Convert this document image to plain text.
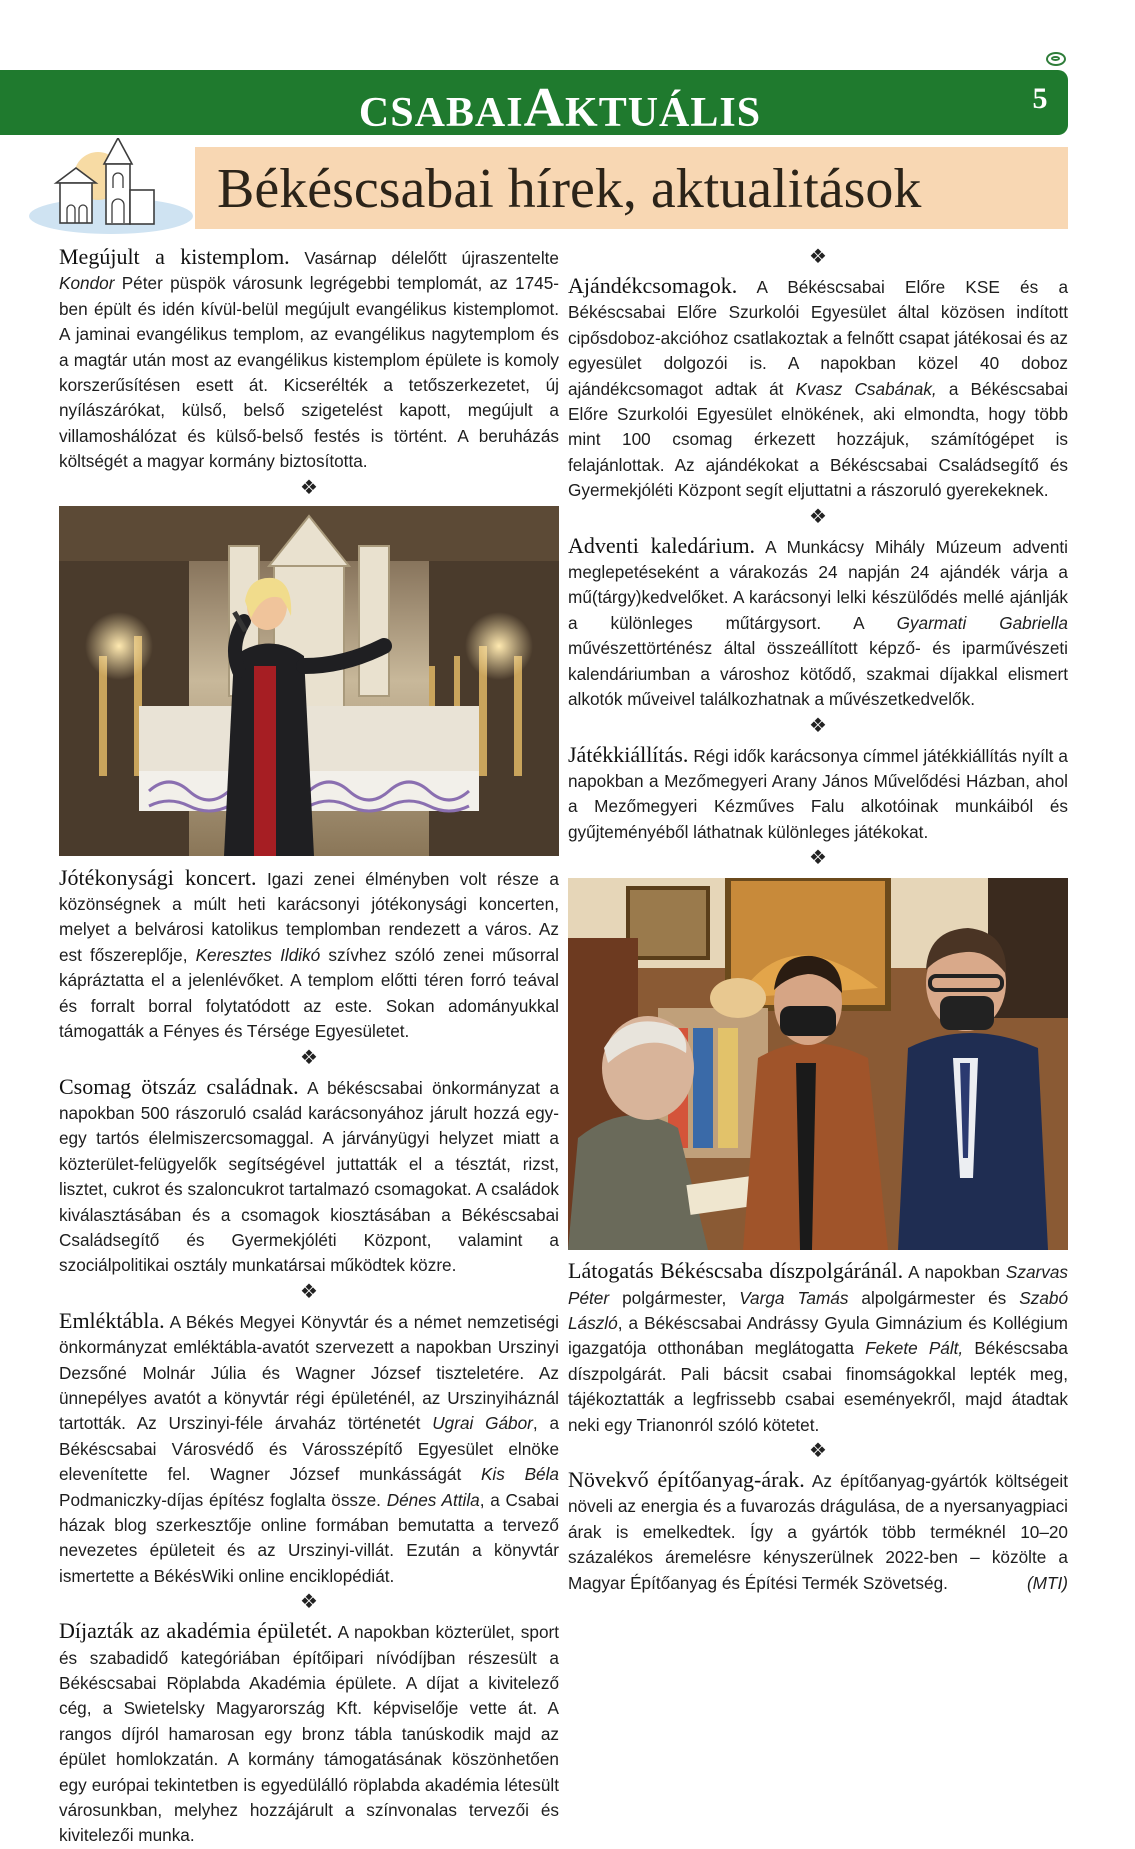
CSABAIAKTUÁLIS	5
Békéscsabai hírek, aktualitások

Megújult a kistemplom. Vasárnap délelőtt újraszentelte Kondor Péter püspök városunk legrégebbi templomát, az 1745-ben épült és idén kívül-belül megújult evangélikus kistemplomot. A jaminai evangélikus templom, az evangélikus nagytemplom és a magtár után most az evangélikus kistemplom épülete is komoly korszerűsítésen esett át. Kicserélték a tetőszerkezetet, új nyílászárókat, külső, belső szigetelést kapott, megújult a villamoshálózat és külső-belső festés is történt. A beruházás költségét a magyar kormány biztosította.

❖

Jótékonysági koncert. Igazi zenei élményben volt része a közönségnek a múlt heti karácsonyi jótékonysági koncerten, melyet a belvárosi katolikus templomban rendezett a város. Az est főszereplője, Keresztes Ildikó szívhez szóló zenei műsorral kápráztatta el a jelenlévőket. A templom előtti téren forró teával és forralt borral folytatódott az este. Sokan adományukkal támogatták a Fényes és Térsége Egyesületet.

❖

Csomag ötszáz családnak. A békéscsabai önkormányzat a napokban 500 rászoruló család karácsonyához járult hozzá egy-egy tartós élelmiszercsomaggal. A járványügyi helyzet miatt a közterület-felügyelők segítségével juttatták el a tésztát, rizst, lisztet, cukrot és szaloncukrot tartalmazó csomagokat. A családok kiválasztásában és a csomagok kiosztásában a Békéscsabai Családsegítő és Gyermekjóléti Központ, valamint a szociálpolitikai osztály munkatársai működtek közre.

❖

Emléktábla. A Békés Megyei Könyvtár és a német nemzetiségi önkormányzat emléktábla-avatót szervezett a napokban Urszinyi Dezsőné Molnár Júlia és Wagner József tiszteletére. Az ünnepélyes avatót a könyvtár régi épületénél, az Urszinyiháznál tartották. Az Urszinyi-féle árvaház történetét Ugrai Gábor, a Békéscsabai Városvédő és Városszépítő Egyesület elnöke elevenítette fel. Wagner József munkásságát Kis Béla Podmaniczky-díjas építész foglalta össze. Dénes Attila, a Csabai házak blog szerkesztője online formában bemutatta a tervező nevezetes épületeit és az Urszinyi-villát. Ezután a könyvtár ismertette a BékésWiki online enciklopédiát.

❖

Díjazták az akadémia épületét. A napokban közterület, sport és szabadidő kategóriában építőipari nívódíjban részesült a Békéscsabai Röplabda Akadémia épülete. A díjat a kivitelező cég, a Swietelsky Magyarország Kft. képviselője vette át. A rangos díjról hamarosan egy bronz tábla tanúskodik majd az épület homlokzatán. A kormány támogatásának köszönhetően egy európai tekintetben is egyedülálló röplabda akadémia létesült városunkban, melyhez hozzájárult a színvonalas tervezői és kivitelezői munka.

❖

Ajándékcsomagok. A Békéscsabai Előre KSE és a Békéscsabai Előre Szurkolói Egyesület által közösen indított cipősdoboz-akcióhoz csatlakoztak a felnőtt csapat játékosai és az egyesület dolgozói is. A napokban közel 40 doboz ajándékcsomagot adtak át Kvasz Csabának, a Békéscsabai Előre Szurkolói Egyesület elnökének, aki elmondta, hogy több mint 100 csomag érkezett hozzájuk, számítógépet is felajánlottak. Az ajándékokat a Békéscsabai Családsegítő és Gyermekjóléti Központ segít eljuttatni a rászoruló gyerekeknek.

❖

Adventi kaledárium. A Munkácsy Mihály Múzeum adventi meglepetéseként a várakozás 24 napján 24 ajándék várja a mű(tárgy)kedvelőket. A karácsonyi lelki készülődés mellé ajánlják a különleges műtárgysort. A Gyarmati Gabriella művészettörténész által összeállított képző- és iparművészeti kalendáriumban a városhoz kötődő, szakmai díjakkal elismert alkotók műveivel találkozhatnak a művészetkedvelők.

❖

Játékkiállítás. Régi idők karácsonya címmel játékkiállítás nyílt a napokban a Mezőmegyeri Arany János Művelődési Házban, ahol a Mezőmegyeri Kézműves Falu alkotóinak munkáiból és gyűjteményéből láthatnak különleges játékokat.

❖

Látogatás Békéscsaba díszpolgáránál. A napokban Szarvas Péter polgármester, Varga Tamás alpolgármester és Szabó László, a Békéscsabai Andrássy Gyula Gimnázium és Kollégium igazgatója otthonában meglátogatta Fekete Pált, Békéscsaba díszpolgárát. Pali bácsit csabai finomságokkal lepték meg, tájékoztatták a legfrissebb csabai eseményekről, majd átadtak neki egy Trianonról szóló kötetet.

❖

Növekvő építőanyag-árak. Az építőanyag-gyártók költségeit növeli az energia és a fuvarozás drágulása, de a nyersanyagpiaci árak is emelkedtek. Így a gyártók több terméknél 10–20 százalékos áremelésre kényszerülnek 2022-ben – közölte a Magyar Építőanyag és Építési Termék Szövetség.	(MTI)
